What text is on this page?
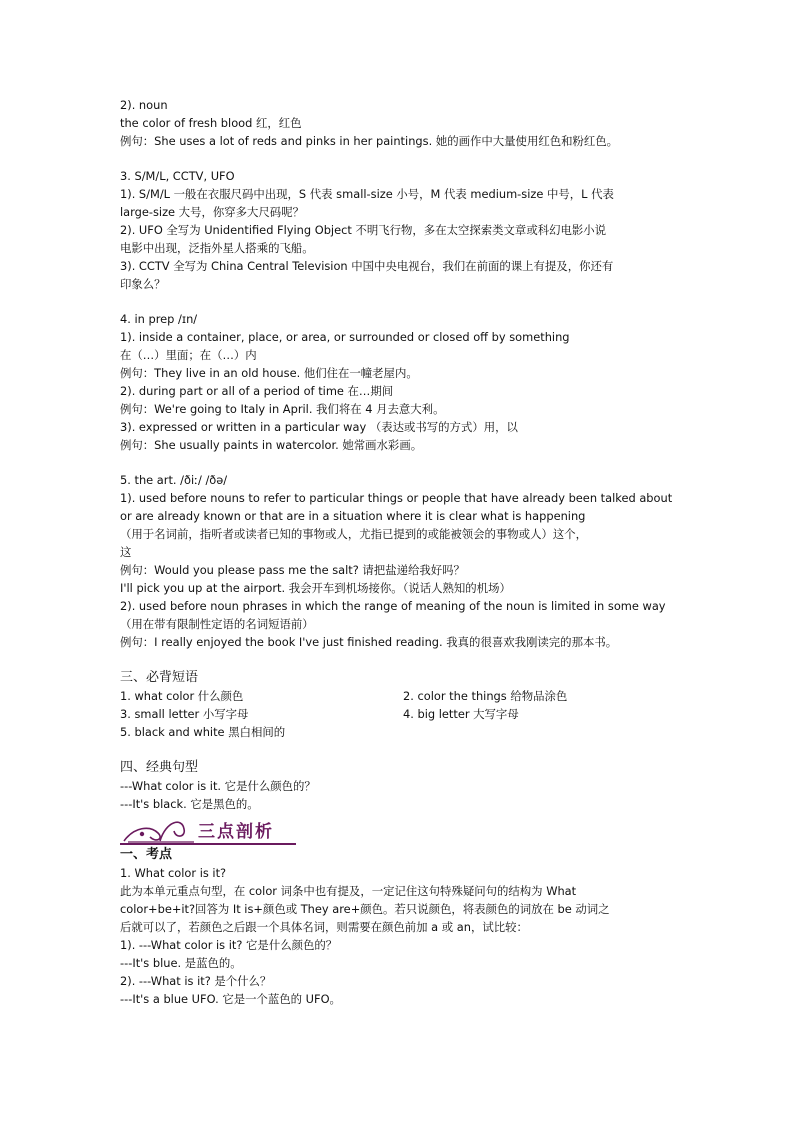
2). noun

the color of fresh blood 红，红色

例句：She uses a lot of reds and pinks in her paintings. 她的画作中大量使用红色和粉红色。

3. S/M/L, CCTV, UFO

1). S/M/L 一般在衣服尺码中出现，S 代表 small-size 小号，M 代表 medium-size 中号，L 代表

large-size 大号，你穿多大尺码呢？

2). UFO 全写为 Unidentified Flying Object 不明飞行物，多在太空探索类文章或科幻电影小说

电影中出现，泛指外星人搭乘的飞船。

3). CCTV 全写为 China Central Television 中国中央电视台，我们在前面的课上有提及，你还有

印象么？

4. in prep /ɪn/

1). inside a container, place, or area, or surrounded or closed off by something

在（…）里面；在（…）内

例句：They live in an old house. 他们住在一幢老屋内。

2). during part or all of a period of time 在…期间

例句：We're going to Italy in April. 我们将在 4 月去意大利。

3). expressed or written in a particular way （表达或书写的方式）用，以

例句：She usually paints in watercolor. 她常画水彩画。

5. the art. /ðiː/ /ðə/

1). used before nouns to refer to particular things or people that have already been talked about

or are already known or that are in a situation where it is clear what is happening

（用于名词前，指听者或读者已知的事物或人，尤指已提到的或能被领会的事物或人）这个，

这

例句：Would you please pass me the salt? 请把盐递给我好吗？

I'll pick you up at the airport. 我会开车到机场接你。（说话人熟知的机场）

2). used before noun phrases in which the range of meaning of the noun is limited in some way

（用在带有限制性定语的名词短语前）

例句：I really enjoyed the book I've just finished reading. 我真的很喜欢我刚读完的那本书。

三、必背短语

1. what color 什么颜色	2. color the things 给物品涂色
3. small letter 小写字母	4. big letter 大写字母

5. black and white 黑白相间的

四、经典句型

---What color is it. 它是什么颜色的？

---It's black. 它是黑色的。

三点剖析

一、考点

1. What color is it?

此为本单元重点句型，在 color 词条中也有提及，一定记住这句特殊疑问句的结构为 What

color+be+it?回答为 It is+颜色或 They are+颜色。若只说颜色，将表颜色的词放在 be 动词之

后就可以了，若颜色之后跟一个具体名词，则需要在颜色前加 a 或 an，试比较：

1). ---What color is it? 它是什么颜色的？

---It's blue. 是蓝色的。

2). ---What is it? 是个什么？

---It's a blue UFO. 它是一个蓝色的 UFO。
